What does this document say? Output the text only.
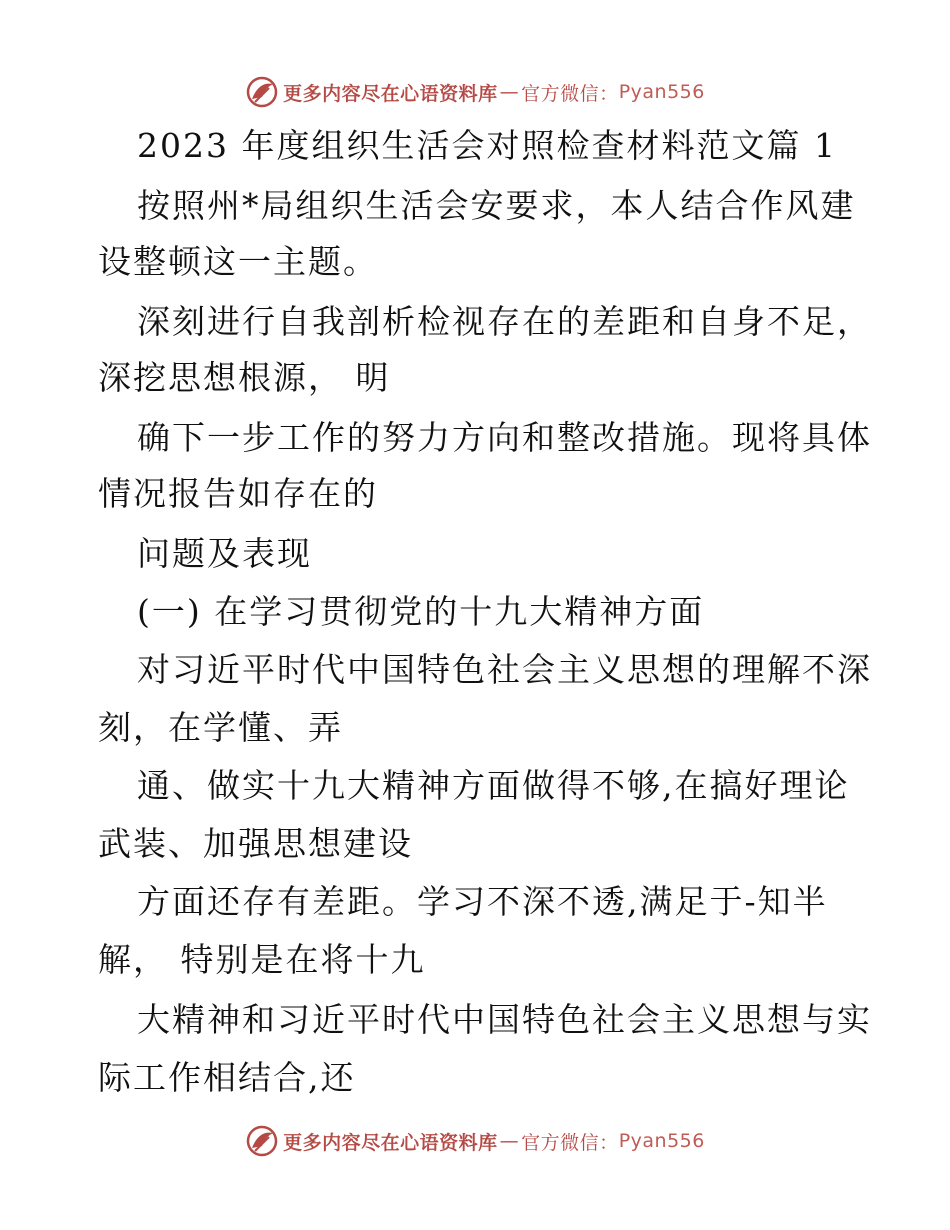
更多内容尽在心语资料库 — 官方微信： Pyan556
2023 年度组织生活会对照检查材料范文篇 1
按照州*局组织生活会安要求，本人结合作风建
设整顿这一主题。
深刻进行自我剖析检视存在的差距和自身不足，
深挖思想根源， 明
确下一步工作的努力方向和整改措施。现将具体
情况报告如存在的
问题及表现
(一) 在学习贯彻党的十九大精神方面
对习近平时代中国特色社会主义思想的理解不深
刻，在学懂、弄
通、做实十九大精神方面做得不够,在搞好理论
武装、加强思想建设
方面还存有差距。学习不深不透,满足于-知半
解， 特别是在将十九
大精神和习近平时代中国特色社会主义思想与实
际工作相结合,还
更多内容尽在心语资料库 — 官方微信： Pyan556
